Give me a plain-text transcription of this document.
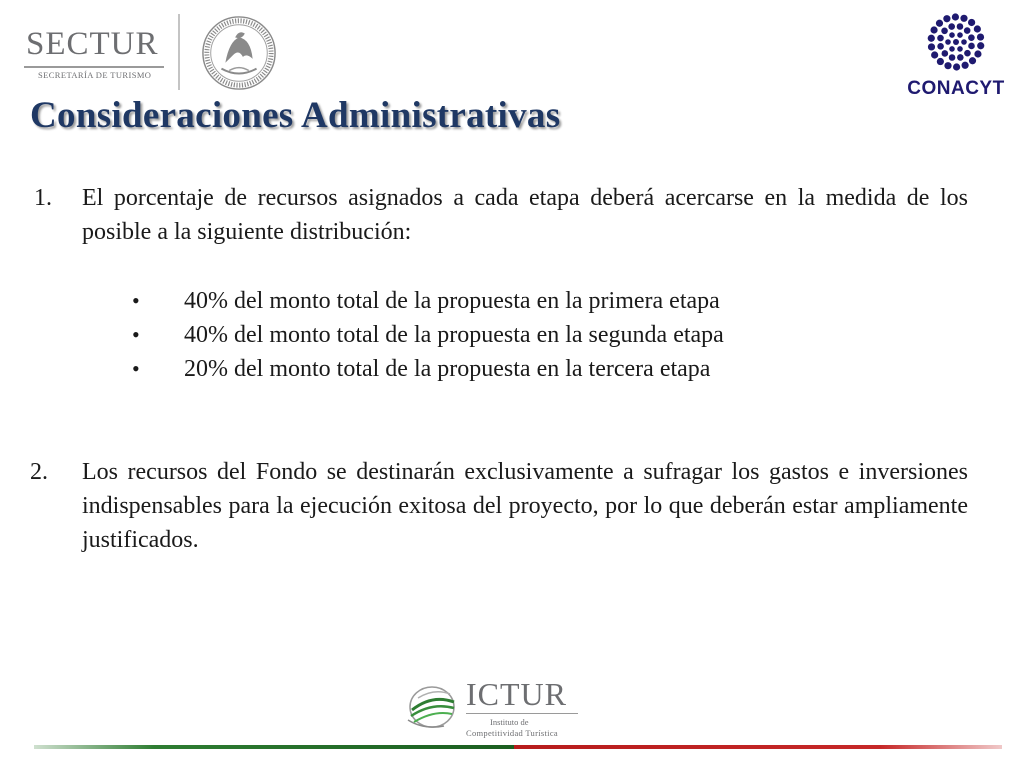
SECTUR
SECRETARÍA DE TURISMO
CONACYT
Consideraciones Administrativas
1. El porcentaje de recursos asignados a cada etapa deberá acercarse en la medida de los posible a la siguiente distribución:
• 40% del monto total de la propuesta en la primera etapa
• 40% del monto total de la propuesta en la segunda etapa
• 20% del monto total de la propuesta en la tercera etapa
2. Los recursos del Fondo se destinarán exclusivamente a sufragar los gastos e inversiones indispensables para la ejecución exitosa del proyecto, por lo que deberán estar ampliamente justificados.
ICTUR
Instituto de
Competitividad Turística
